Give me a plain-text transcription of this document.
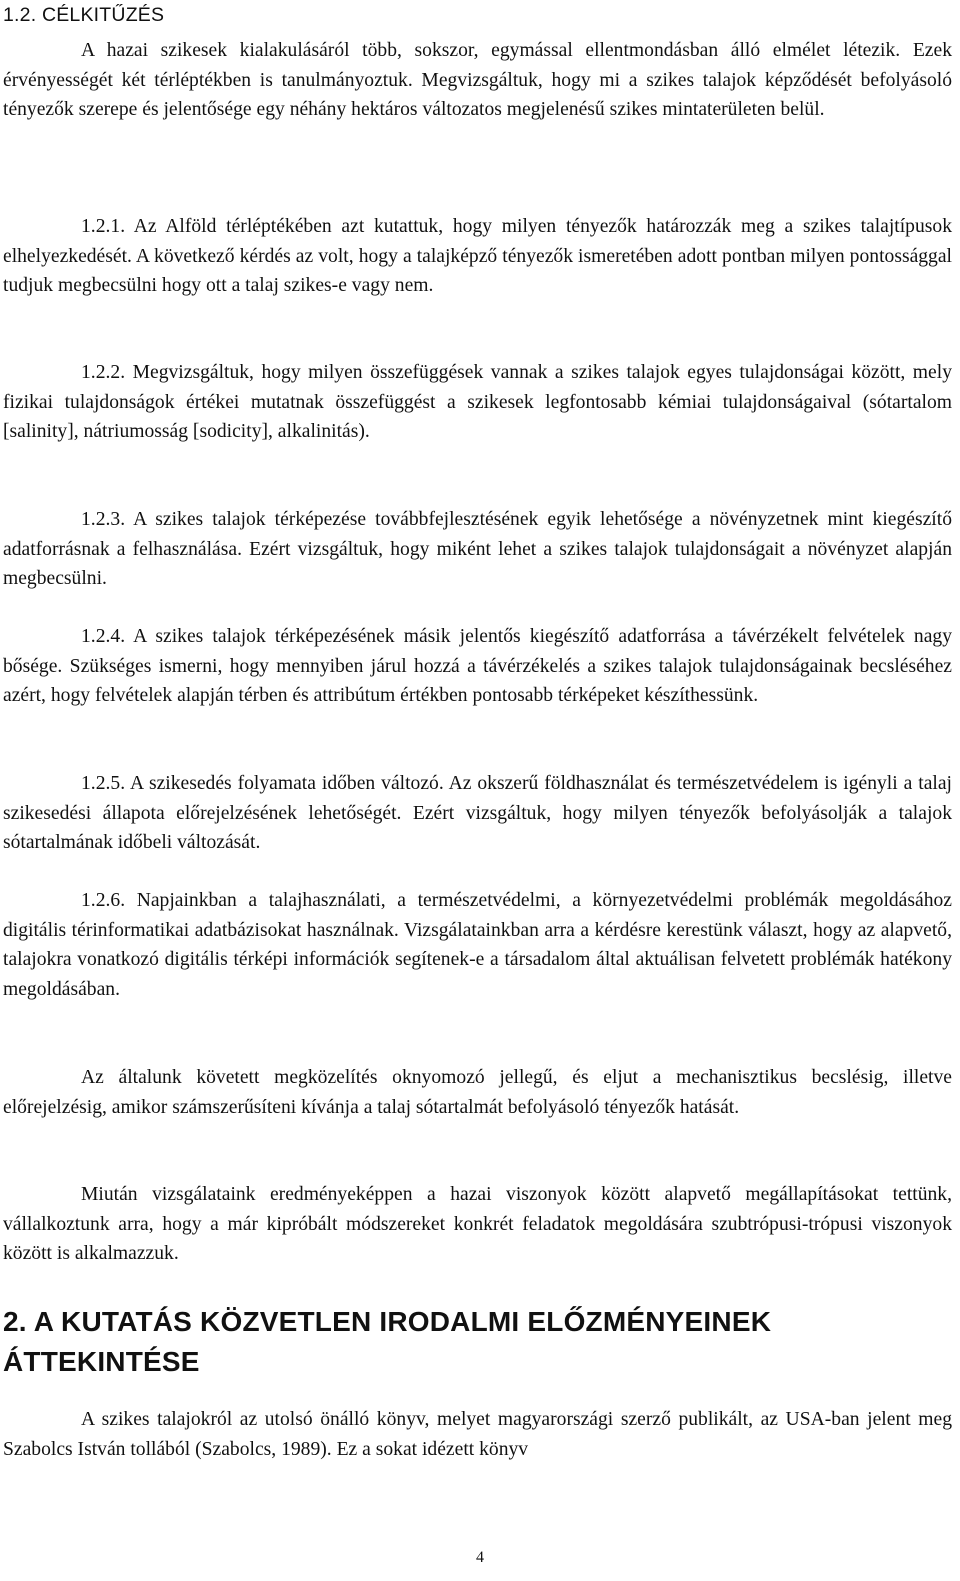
1.2. CÉLKITŰZÉS

A hazai szikesek kialakulásáról több, sokszor, egymással ellentmondásban álló elmélet létezik. Ezek érvényességét két térléptékben is tanulmányoztuk. Megvizsgáltuk, hogy mi a szikes talajok képződését befolyásoló tényezők szerepe és jelentősége egy néhány hektáros változatos megjelenésű szikes mintaterületen belül.

1.2.1. Az Alföld térléptékében azt kutattuk, hogy milyen tényezők határozzák meg a szikes talajtípusok elhelyezkedését. A következő kérdés az volt, hogy a talajképző tényezők ismeretében adott pontban milyen pontossággal tudjuk megbecsülni hogy ott a talaj szikes-e vagy nem.

1.2.2. Megvizsgáltuk, hogy milyen összefüggések vannak a szikes talajok egyes tulajdonságai között, mely fizikai tulajdonságok értékei mutatnak összefüggést a szikesek legfontosabb kémiai tulajdonságaival (sótartalom [salinity], nátriumosság [sodicity], alkalinitás).

1.2.3. A szikes talajok térképezése továbbfejlesztésének egyik lehetősége a növényzetnek mint kiegészítő adatforrásnak a felhasználása. Ezért vizsgáltuk, hogy miként lehet a szikes talajok tulajdonságait a növényzet alapján megbecsülni.

1.2.4. A szikes talajok térképezésének másik jelentős kiegészítő adatforrása a távérzékelt felvételek nagy bősége. Szükséges ismerni, hogy mennyiben járul hozzá a távérzékelés a szikes talajok tulajdonságainak becsléséhez azért, hogy felvételek alapján térben és attribútum értékben pontosabb térképeket készíthessünk.

1.2.5. A szikesedés folyamata időben változó. Az okszerű földhasználat és természetvédelem is igényli a talaj szikesedési állapota előrejelzésének lehetőségét. Ezért vizsgáltuk, hogy milyen tényezők befolyásolják a talajok sótartalmának időbeli változását.

1.2.6. Napjainkban a talajhasználati, a természetvédelmi, a környezetvédelmi problémák megoldásához digitális térinformatikai adatbázisokat használnak. Vizsgálatainkban arra a kérdésre kerestünk választ, hogy az alapvető, talajokra vonatkozó digitális térképi információk segítenek-e a társadalom által aktuálisan felvetett problémák hatékony megoldásában.

Az általunk követett megközelítés oknyomozó jellegű, és eljut a mechanisztikus becslésig, illetve előrejelzésig, amikor számszerűsíteni kívánja a talaj sótartalmát befolyásoló tényezők hatását.

Miután vizsgálataink eredményeképpen a hazai viszonyok között alapvető megállapításokat tettünk, vállalkoztunk arra, hogy a már kipróbált módszereket konkrét feladatok megoldására szubtrópusi-trópusi viszonyok között is alkalmazzuk.

2. A KUTATÁS KÖZVETLEN IRODALMI ELŐZMÉNYEINEK ÁTTEKINTÉSE

A szikes talajokról az utolsó önálló könyv, melyet magyarországi szerző publikált, az USA-ban jelent meg Szabolcs István tollából (Szabolcs, 1989). Ez a sokat idézett könyv

4
